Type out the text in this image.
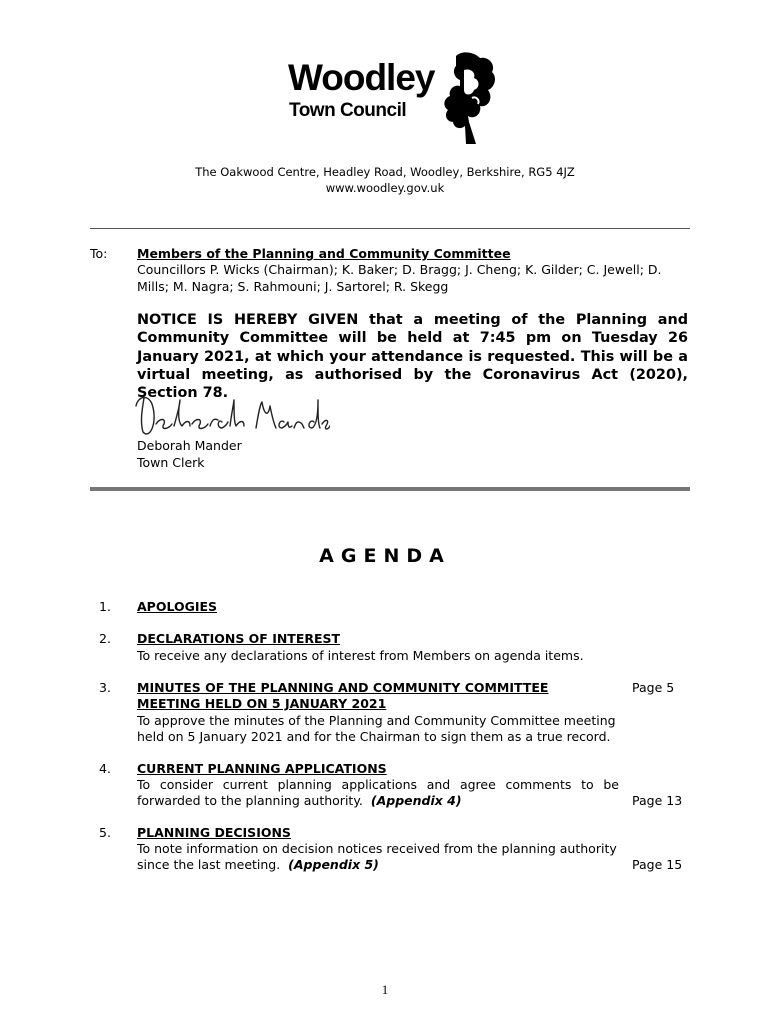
Woodley
Town Council
The Oakwood Centre, Headley Road, Woodley, Berkshire, RG5 4JZ
www.woodley.gov.uk
To: Members of the Planning and Community Committee
Councillors P. Wicks (Chairman); K. Baker; D. Bragg; J. Cheng; K. Gilder; C. Jewell; D. Mills; M. Nagra; S. Rahmouni; J. Sartorel; R. Skegg
NOTICE IS HEREBY GIVEN that a meeting of the Planning and Community Committee will be held at 7:45 pm on Tuesday 26 January 2021, at which your attendance is requested. This will be a virtual meeting, as authorised by the Coronavirus Act (2020), Section 78.
Deborah Mander
Town Clerk
AGENDA
1. APOLOGIES
2. DECLARATIONS OF INTEREST
To receive any declarations of interest from Members on agenda items.
3. MINUTES OF THE PLANNING AND COMMUNITY COMMITTEE MEETING HELD ON 5 JANUARY 2021
To approve the minutes of the Planning and Community Committee meeting held on 5 January 2021 and for the Chairman to sign them as a true record.
Page 5
4. CURRENT PLANNING APPLICATIONS
To consider current planning applications and agree comments to be forwarded to the planning authority. (Appendix 4)	Page 13
5. PLANNING DECISIONS
To note information on decision notices received from the planning authority since the last meeting. (Appendix 5)	Page 15
1
